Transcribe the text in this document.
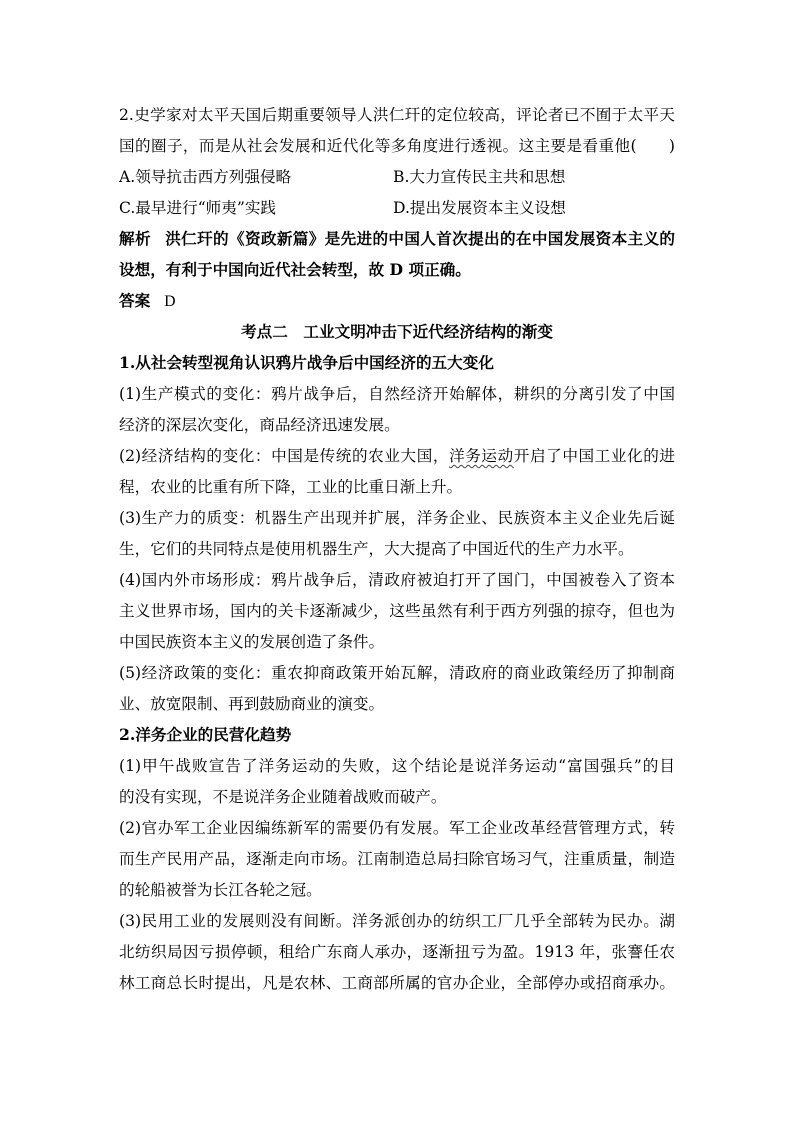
2.史学家对太平天国后期重要领导人洪仁玕的定位较高，评论者已不囿于太平天
国的圈子，而是从社会发展和近代化等多角度进行透视。这主要是看重他(　　)
A.领导抗击西方列强侵略	B.大力宣传民主共和思想
C.最早进行“师夷”实践	D.提出发展资本主义设想
解析 洪仁玕的《资政新篇》是先进的中国人首次提出的在中国发展资本主义的
设想，有利于中国向近代社会转型，故 D 项正确。
答案 D
考点二　工业文明冲击下近代经济结构的渐变
1.从社会转型视角认识鸦片战争后中国经济的五大变化
(1)生产模式的变化：鸦片战争后，自然经济开始解体，耕织的分离引发了中国
经济的深层次变化，商品经济迅速发展。
(2)经济结构的变化：中国是传统的农业大国，洋务运动开启了中国工业化的进
程，农业的比重有所下降，工业的比重日渐上升。
(3)生产力的质变：机器生产出现并扩展，洋务企业、民族资本主义企业先后诞
生，它们的共同特点是使用机器生产，大大提高了中国近代的生产力水平。
(4)国内外市场形成：鸦片战争后，清政府被迫打开了国门，中国被卷入了资本
主义世界市场，国内的关卡逐渐减少，这些虽然有利于西方列强的掠夺，但也为
中国民族资本主义的发展创造了条件。
(5)经济政策的变化：重农抑商政策开始瓦解，清政府的商业政策经历了抑制商
业、放宽限制、再到鼓励商业的演变。
2.洋务企业的民营化趋势
(1)甲午战败宣告了洋务运动的失败，这个结论是说洋务运动“富国强兵”的目
的没有实现，不是说洋务企业随着战败而破产。
(2)官办军工企业因编练新军的需要仍有发展。军工企业改革经营管理方式，转
而生产民用产品，逐渐走向市场。江南制造总局扫除官场习气，注重质量，制造
的轮船被誉为长江各轮之冠。
(3)民用工业的发展则没有间断。洋务派创办的纺织工厂几乎全部转为民办。湖
北纺织局因亏损停顿，租给广东商人承办，逐渐扭亏为盈。1913 年，张謇任农
林工商总长时提出，凡是农林、工商部所属的官办企业，全部停办或招商承办。
